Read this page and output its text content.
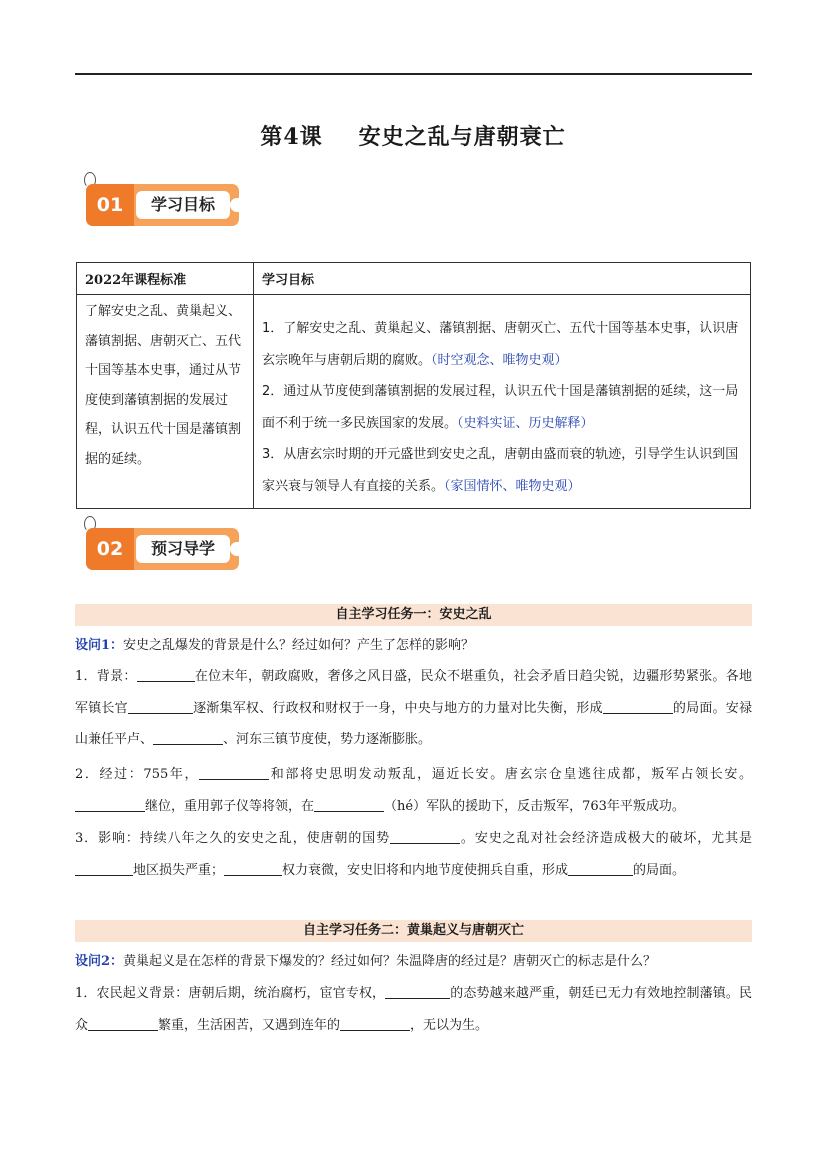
第4课 安史之乱与唐朝衰亡
01	学习目标
2022年课程标准	学习目标
了解安史之乱、黄巢起义、藩镇割据、唐朝灭亡、五代十国等基本史事，通过从节度使到藩镇割据的发展过程，认识五代十国是藩镇割据的延续。	1．了解安史之乱、黄巢起义、藩镇割据、唐朝灭亡、五代十国等基本史事，认识唐玄宗晚年与唐朝后期的腐败。（时空观念、唯物史观）
2．通过从节度使到藩镇割据的发展过程，认识五代十国是藩镇割据的延续，这一局面不利于统一多民族国家的发展。（史料实证、历史解释）
3．从唐玄宗时期的开元盛世到安史之乱，唐朝由盛而衰的轨迹，引导学生认识到国家兴衰与领导人有直接的关系。（家国情怀、唯物史观）
02	预习导学
自主学习任务一：安史之乱
设问1：安史之乱爆发的背景是什么？经过如何？产生了怎样的影响？
1．背景：	在位末年，朝政腐败，奢侈之风日盛，民众不堪重负，社会矛盾日趋尖锐，边疆形势紧张。各地军镇长官	逐渐集军权、行政权和财权于一身，中央与地方的力量对比失衡，形成	的局面。安禄山兼任平卢、	、河东三镇节度使，势力逐渐膨胀。
2．经过：755年，	和部将史思明发动叛乱，逼近长安。唐玄宗仓皇逃往成都，叛军占领长安。继位，重用郭子仪等将领，在	（hé）军队的援助下，反击叛军，763年平叛成功。
3．影响：持续八年之久的安史之乱，使唐朝的国势	。安史之乱对社会经济造成极大的破坏，尤其是地区损失严重；	权力衰微，安史旧将和内地节度使拥兵自重，形成	的局面。
自主学习任务二：黄巢起义与唐朝灭亡
设问2：黄巢起义是在怎样的背景下爆发的？经过如何？朱温降唐的经过是？唐朝灭亡的标志是什么？
1．农民起义背景：唐朝后期，统治腐朽，宦官专权，	的态势越来越严重，朝廷已无力有效地控制藩镇。民众	繁重，生活困苦，又遇到连年的	，无以为生。
